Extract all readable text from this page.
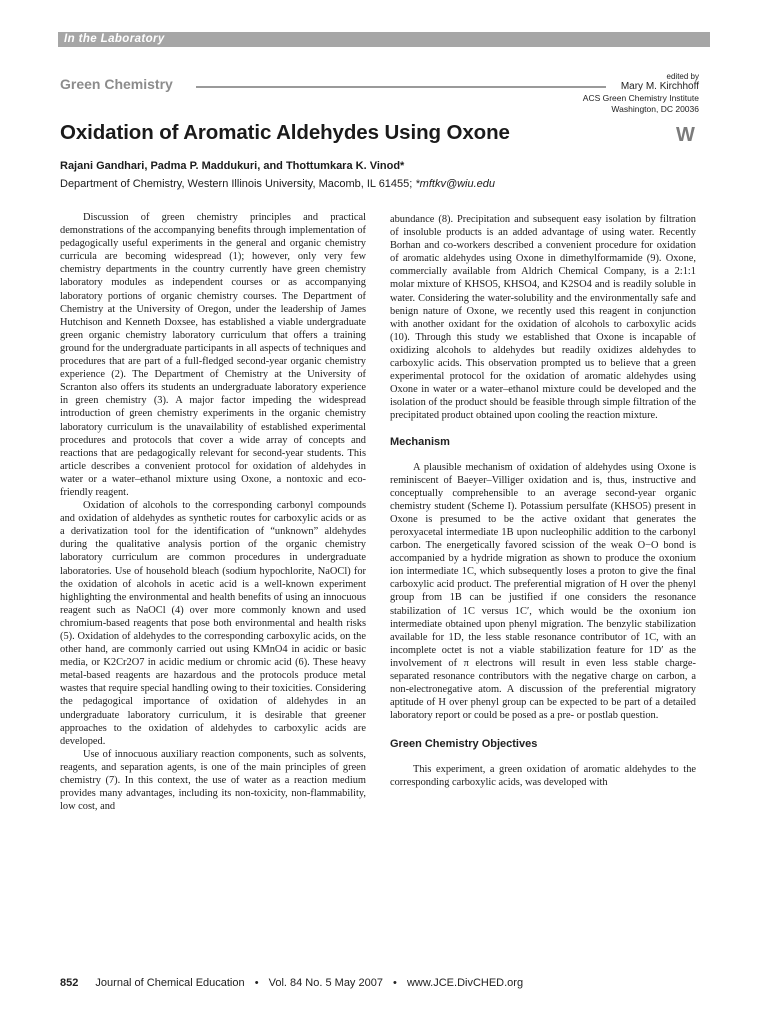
In the Laboratory
Green Chemistry	edited by
Mary M. Kirchhoff
ACS Green Chemistry Institute
Washington, DC 20036
Oxidation of Aromatic Aldehydes Using Oxone	W
Rajani Gandhari, Padma P. Maddukuri, and Thottumkara K. Vinod*
Department of Chemistry, Western Illinois University, Macomb, IL 61455; *mftkv@wiu.edu

Discussion of green chemistry principles and practical demonstrations of the accompanying benefits through implementation of pedagogically useful experiments in the general and organic chemistry curricula are becoming widespread (1); however, only very few chemistry departments in the country currently have green chemistry laboratory modules as independent courses or as accompanying laboratory portions of organic chemistry courses. The Department of Chemistry at the University of Oregon, under the leadership of James Hutchison and Kenneth Doxsee, has established a viable undergraduate green organic chemistry laboratory curriculum that offers a training ground for the undergraduate participants in all aspects of techniques and procedures that are part of a full-fledged second-year organic chemistry experience (2). The Department of Chemistry at the University of Scranton also offers its students an undergraduate laboratory experience in green chemistry (3). A major factor impeding the widespread introduction of green chemistry experiments in the organic chemistry laboratory curriculum is the unavailability of established experimental procedures and protocols that cover a wide array of concepts and reactions that are pedagogically relevant for second-year students. This article describes a convenient protocol for oxidation of aldehydes in water or a water–ethanol mixture using Oxone, a nontoxic and eco-friendly reagent.

Oxidation of alcohols to the corresponding carbonyl compounds and oxidation of aldehydes as synthetic routes for carboxylic acids or as a derivatization tool for the identification of “unknown” aldehydes during the qualitative analysis portion of the organic chemistry laboratory curriculum are common procedures in undergraduate laboratories. Use of household bleach (sodium hypochlorite, NaOCl) for the oxidation of alcohols in acetic acid is a well-known experiment highlighting the environmental and health benefits of using an innocuous reagent such as NaOCl (4) over more commonly known and used chromium-based reagents that pose both environmental and health risks (5). Oxidation of aldehydes to the corresponding carboxylic acids, on the other hand, are commonly carried out using KMnO4 in acidic or basic media, or K2Cr2O7 in acidic medium or chromic acid (6). These heavy metal-based reagents are hazardous and the protocols produce metal wastes that require special handling owing to their toxicities. Considering the pedagogical importance of oxidation of aldehydes in an undergraduate laboratory curriculum, it is desirable that greener approaches to the oxidation of aldehydes to carboxylic acids are developed.

Use of innocuous auxiliary reaction components, such as solvents, reagents, and separation agents, is one of the main principles of green chemistry (7). In this context, the use of water as a reaction medium provides many advantages, including its non-toxicity, non-flammability, low cost, and

abundance (8). Precipitation and subsequent easy isolation by filtration of insoluble products is an added advantage of using water. Recently Borhan and co-workers described a convenient procedure for oxidation of aromatic aldehydes using Oxone in dimethylformamide (9). Oxone, commercially available from Aldrich Chemical Company, is a 2:1:1 molar mixture of KHSO5, KHSO4, and K2SO4 and is readily soluble in water. Considering the water-solubility and the environmentally safe and benign nature of Oxone, we recently used this reagent in conjunction with another oxidant for the oxidation of alcohols to carboxylic acids (10). Through this study we established that Oxone is incapable of oxidizing alcohols to aldehydes but readily oxidizes aldehydes to carboxylic acids. This observation prompted us to believe that a green experimental protocol for the oxidation of aromatic aldehydes using Oxone in water or a water–ethanol mixture could be developed and the isolation of the product should be feasible through simple filtration of the precipitated product obtained upon cooling the reaction mixture.

Mechanism

A plausible mechanism of oxidation of aldehydes using Oxone is reminiscent of Baeyer–Villiger oxidation and is, thus, instructive and conceptually comprehensible to an average second-year organic chemistry student (Scheme I). Potassium persulfate (KHSO5) present in Oxone is presumed to be the active oxidant that generates the peroxyacetal intermediate 1B upon nucleophilic addition to the carbonyl carbon. The energetically favored scission of the weak O−O bond is accompanied by a hydride migration as shown to produce the oxonium ion intermediate 1C, which subsequently loses a proton to give the final carboxylic acid product. The preferential migration of H over the phenyl group from 1B can be justified if one considers the resonance stabilization of 1C versus 1C′, which would be the oxonium ion intermediate obtained upon phenyl migration. The benzylic stabilization available for 1D, the less stable resonance contributor of 1C, with an incomplete octet is not a viable stabilization feature for 1D′ as the involvement of π electrons will result in even less stable charge-separated resonance contributors with the negative charge on carbon, a non-electronegative atom. A discussion of the preferential migratory aptitude of H over phenyl group can be expected to be part of a detailed laboratory report or could be posed as a pre- or postlab question.

Green Chemistry Objectives

This experiment, a green oxidation of aromatic aldehydes to the corresponding carboxylic acids, was developed with

852 Journal of Chemical Education • Vol. 84 No. 5 May 2007 • www.JCE.DivCHED.org
